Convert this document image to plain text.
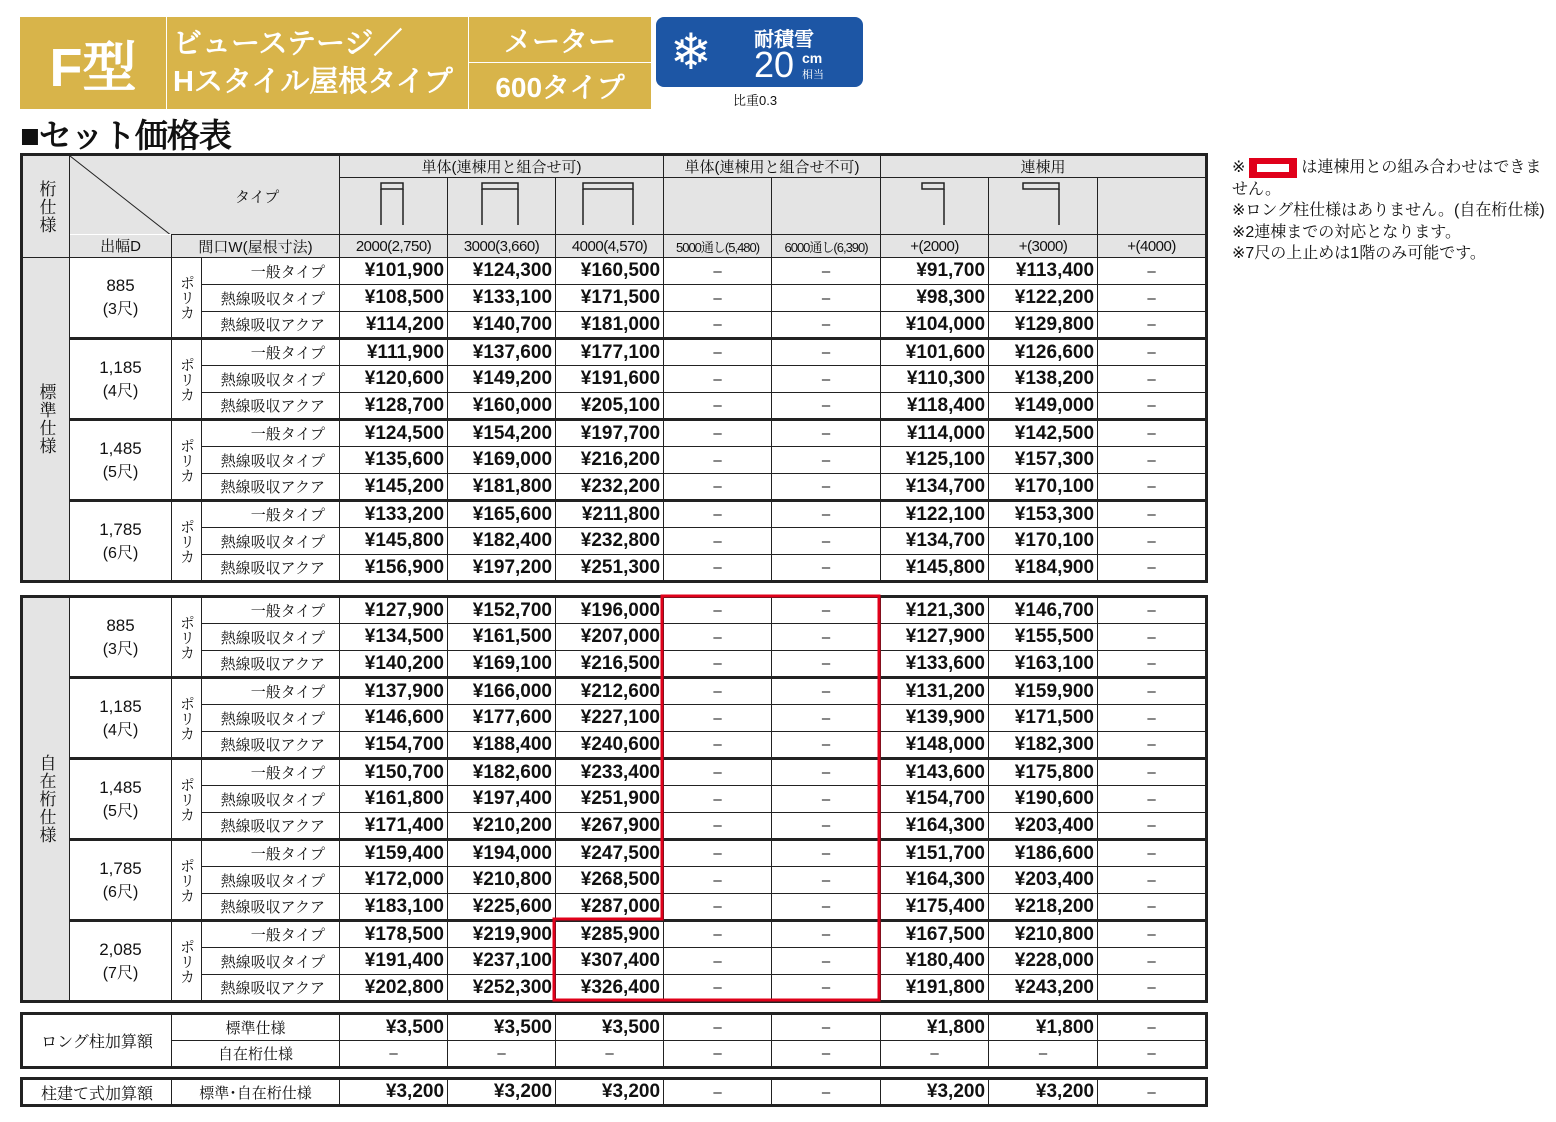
F型	ビューステージ／
Hスタイル屋根タイプ
メーター
600タイプ
❄ 耐積雪
20 cm
相当
比重0.3
■セット価格表
桁仕様	タイプ			単体(連棟用と組合せ可)			単体(連棟用と組合せ不可)		連棟用		

	出幅D	間口W(屋根寸法)		2000(2,750)	3000(3,660)	4000(4,570)	5000通し(5,480)	6000通し(6,390)	+(2000)	+(3000)	+(4000)
標準仕様	885
(3尺)	ポリカ	一般タイプ	¥101,900	¥124,300	¥160,500	–	–	¥91,700	¥113,400	–
			熱線吸収タイプ	¥108,500	¥133,100	¥171,500	–	–	¥98,300	¥122,200	–
			熱線吸収アクア	¥114,200	¥140,700	¥181,000	–	–	¥104,000	¥129,800	–

	1,185
(4尺)	ポリカ	一般タイプ	¥111,900	¥137,600	¥177,100	–	–	¥101,600	¥126,600	–
			熱線吸収タイプ	¥120,600	¥149,200	¥191,600	–	–	¥110,300	¥138,200	–
			熱線吸収アクア	¥128,700	¥160,000	¥205,100	–	–	¥118,400	¥149,000	–

	1,485
(5尺)	ポリカ	一般タイプ	¥124,500	¥154,200	¥197,700	–	–	¥114,000	¥142,500	–
			熱線吸収タイプ	¥135,600	¥169,000	¥216,200	–	–	¥125,100	¥157,300	–
			熱線吸収アクア	¥145,200	¥181,800	¥232,200	–	–	¥134,700	¥170,100	–

	1,785
(6尺)	ポリカ	一般タイプ	¥133,200	¥165,600	¥211,800	–	–	¥122,100	¥153,300	–
			熱線吸収タイプ	¥145,800	¥182,400	¥232,800	–	–	¥134,700	¥170,100	–
			熱線吸収アクア	¥156,900	¥197,200	¥251,300	–	–	¥145,800	¥184,900	–
自在桁仕様	885
(3尺)	ポリカ	一般タイプ	¥127,900	¥152,700	¥196,000	–	–	¥121,300	¥146,700	–
			熱線吸収タイプ	¥134,500	¥161,500	¥207,000	–	–	¥127,900	¥155,500	–
			熱線吸収アクア	¥140,200	¥169,100	¥216,500	–	–	¥133,600	¥163,100	–

	1,185
(4尺)	ポリカ	一般タイプ	¥137,900	¥166,000	¥212,600	–	–	¥131,200	¥159,900	–
			熱線吸収タイプ	¥146,600	¥177,600	¥227,100	–	–	¥139,900	¥171,500	–
			熱線吸収アクア	¥154,700	¥188,400	¥240,600	–	–	¥148,000	¥182,300	–

	1,485
(5尺)	ポリカ	一般タイプ	¥150,700	¥182,600	¥233,400	–	–	¥143,600	¥175,800	–
			熱線吸収タイプ	¥161,800	¥197,400	¥251,900	–	–	¥154,700	¥190,600	–
			熱線吸収アクア	¥171,400	¥210,200	¥267,900	–	–	¥164,300	¥203,400	–

	1,785
(6尺)	ポリカ	一般タイプ	¥159,400	¥194,000	¥247,500	–	–	¥151,700	¥186,600	–
			熱線吸収タイプ	¥172,000	¥210,800	¥268,500	–	–	¥164,300	¥203,400	–
			熱線吸収アクア	¥183,100	¥225,600	¥287,000	–	–	¥175,400	¥218,200	–

	2,085
(7尺)	ポリカ	一般タイプ	¥178,500	¥219,900	¥285,900	–	–	¥167,500	¥210,800	–
			熱線吸収タイプ	¥191,400	¥237,100	¥307,400	–	–	¥180,400	¥228,000	–
			熱線吸収アクア	¥202,800	¥252,300	¥326,400	–	–	¥191,800	¥243,200	–
ロング柱加算額	標準仕様	¥3,500	¥3,500	¥3,500	–	–	¥1,800	¥1,800	–
	自在桁仕様	–	–	–	–	–	–	–	–
柱建て式加算額	標準･自在桁仕様	¥3,200	¥3,200	¥3,200	–	–	¥3,200	¥3,200	–
※	は連棟用との組み合わせはできません。
※ロング柱仕様はありません。(自在桁仕様)
※2連棟までの対応となります。
※7尺の上止めは1階のみ可能です。
